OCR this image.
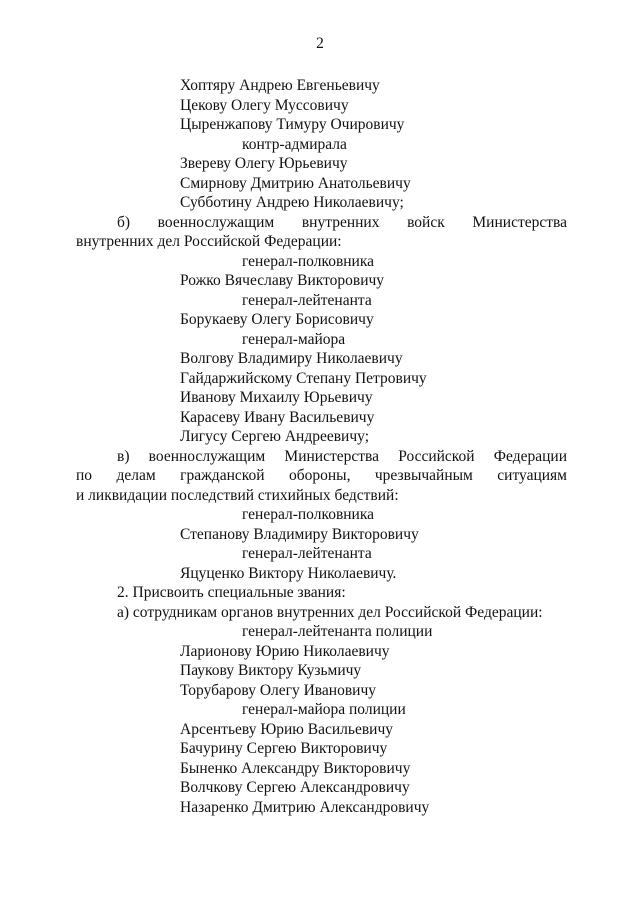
2
Хоптяру Андрею Евгеньевичу
Цекову Олегу Муссовичу
Цыренжапову Тимуру Очировичу
контр-адмирала
Звереву Олегу Юрьевичу
Смирнову Дмитрию Анатольевичу
Субботину Андрею Николаевичу;
б) военнослужащим внутренних войск Министерства
внутренних дел Российской Федерации:
генерал-полковника
Рожко Вячеславу Викторовичу
генерал-лейтенанта
Борукаеву Олегу Борисовичу
генерал-майора
Волгову Владимиру Николаевичу
Гайдаржийскому Степану Петровичу
Иванову Михаилу Юрьевичу
Карасеву Ивану Васильевичу
Лигусу Сергею Андреевичу;
в) военнослужащим Министерства Российской Федерации
по делам гражданской обороны, чрезвычайным ситуациям
и ликвидации последствий стихийных бедствий:
генерал-полковника
Степанову Владимиру Викторовичу
генерал-лейтенанта
Яцуценко Виктору Николаевичу.
2. Присвоить специальные звания:
а) сотрудникам органов внутренних дел Российской Федерации:
генерал-лейтенанта полиции
Ларионову Юрию Николаевичу
Паукову Виктору Кузьмичу
Торубарову Олегу Ивановичу
генерал-майора полиции
Арсентьеву Юрию Васильевичу
Бачурину Сергею Викторовичу
Быненко Александру Викторовичу
Волчкову Сергею Александровичу
Назаренко Дмитрию Александровичу
